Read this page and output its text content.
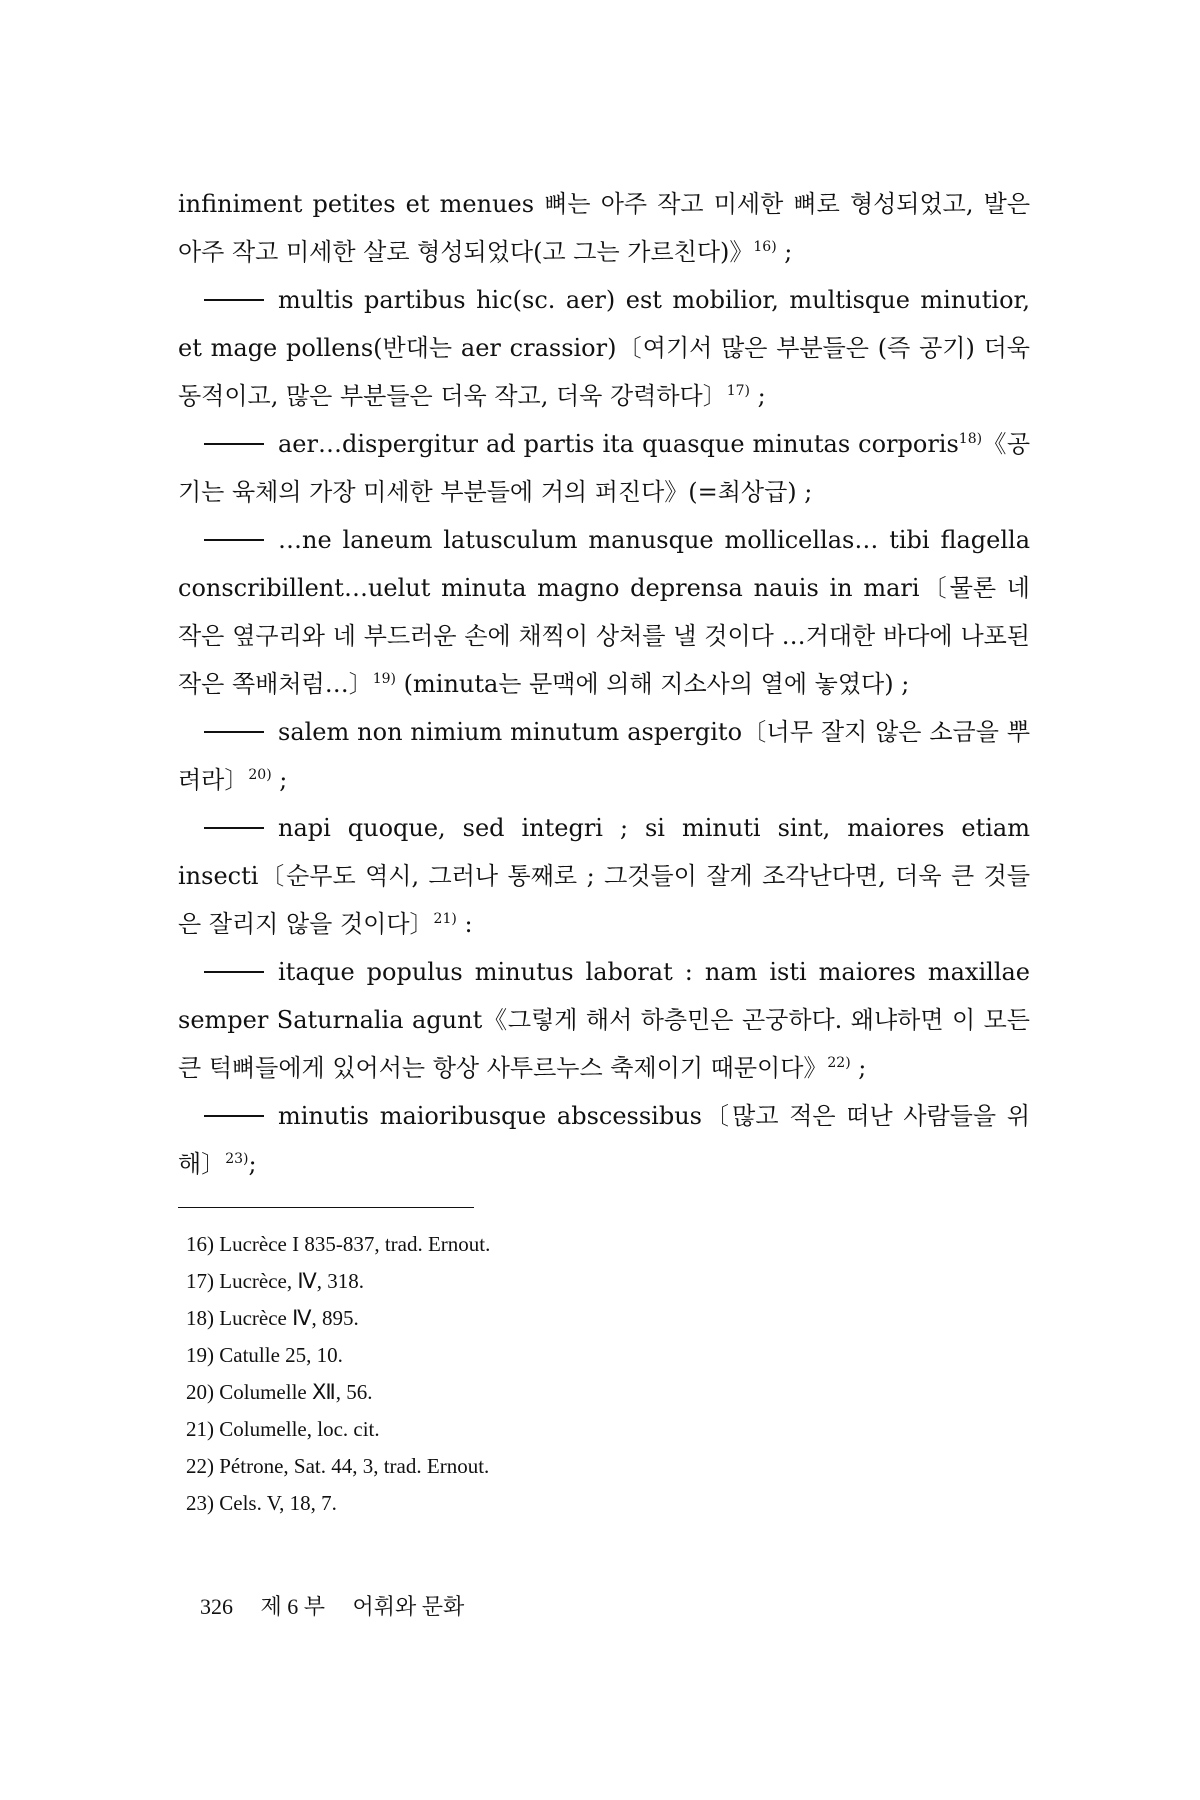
infiniment petites et menues 뼈는 아주 작고 미세한 뼈로 형성되었고, 발은 아주 작고 미세한 살로 형성되었다(고 그는 가르친다)》$^{16)}$ ;

multis partibus hic(sc. aer) est mobilior, multisque minutior, et mage pollens(반대는 aer crassior)〔여기서 많은 부분들은 (즉 공기) 더욱 동적이고, 많은 부분들은 더욱 작고, 더욱 강력하다〕$^{17)}$ ;

aer…dispergitur ad partis ita quasque minutas corporis$^{18)}$《공기는 육체의 가장 미세한 부분들에 거의 퍼진다》(=최상급) ;

…ne laneum latusculum manusque mollicellas… tibi flagella conscribillent…uelut minuta magno deprensa nauis in mari〔물론 네 작은 옆구리와 네 부드러운 손에 채찍이 상처를 낼 것이다 …거대한 바다에 나포된 작은 쪽배처럼…〕$^{19)}$ (minuta는 문맥에 의해 지소사의 열에 놓였다) ;

salem non nimium minutum aspergito〔너무 잘지 않은 소금을 뿌려라〕$^{20)}$ ;

napi quoque, sed integri ; si minuti sint, maiores etiam insecti〔순무도 역시, 그러나 통째로 ; 그것들이 잘게 조각난다면, 더욱 큰 것들은 잘리지 않을 것이다〕$^{21)}$ :

itaque populus minutus laborat : nam isti maiores maxillae semper Saturnalia agunt《그렇게 해서 하층민은 곤궁하다. 왜냐하면 이 모든 큰 턱뼈들에게 있어서는 항상 사투르누스 축제이기 때문이다》$^{22)}$ ;

minutis maioribusque abscessibus〔많고 적은 떠난 사람들을 위해〕$^{23)}$;

16) Lucrèce I 835-837, trad. Ernout.

17) Lucrèce, Ⅳ, 318.

18) Lucrèce Ⅳ, 895.

19) Catulle 25, 10.

20) Columelle Ⅻ, 56.

21) Columelle, loc. cit.

22) Pétrone, Sat. 44, 3, trad. Ernout.

23) Cels. V, 18, 7.

326 제 6 부 어휘와 문화
